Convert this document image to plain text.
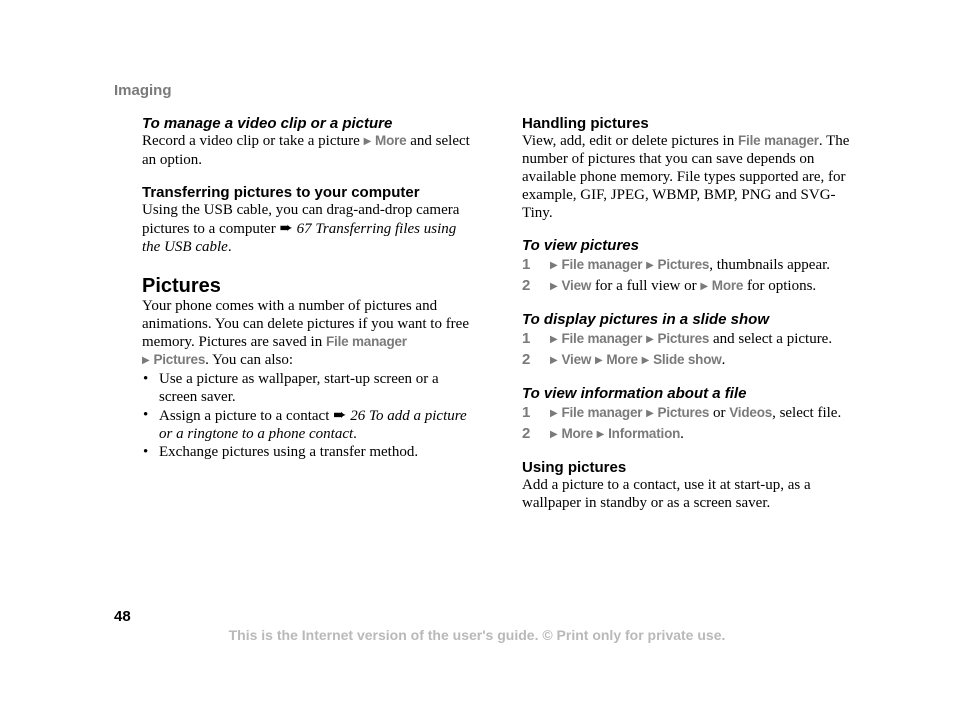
Imaging
To manage a video clip or a picture

Record a video clip or take a picture ▶ More and select an option.

Transferring pictures to your computer

Using the USB cable, you can drag-and-drop camera pictures to a computer ➨ 67 Transferring files using the USB cable.

Pictures

Your phone comes with a number of pictures and animations. You can delete pictures if you want to free memory. Pictures are saved in File manager
▶ Pictures. You can also:

• Use a picture as wallpaper, start-up screen or a screen saver.
• Assign a picture to a contact ➨ 26 To add a picture or a ringtone to a phone contact.
• Exchange pictures using a transfer method.
Handling pictures

View, add, edit or delete pictures in File manager. The number of pictures that you can save depends on available phone memory. File types supported are, for example, GIF, JPEG, WBMP, BMP, PNG and SVG-Tiny.

To view pictures
1 ▶ File manager ▶ Pictures, thumbnails appear.
2 ▶ View for a full view or ▶ More for options.
To display pictures in a slide show
1 ▶ File manager ▶ Pictures and select a picture.
2 ▶ View ▶ More ▶ Slide show.
To view information about a file
1 ▶ File manager ▶ Pictures or Videos, select file.
2 ▶ More ▶ Information.
Using pictures

Add a picture to a contact, use it at start-up, as a wallpaper in standby or as a screen saver.

48
This is the Internet version of the user's guide. © Print only for private use.
